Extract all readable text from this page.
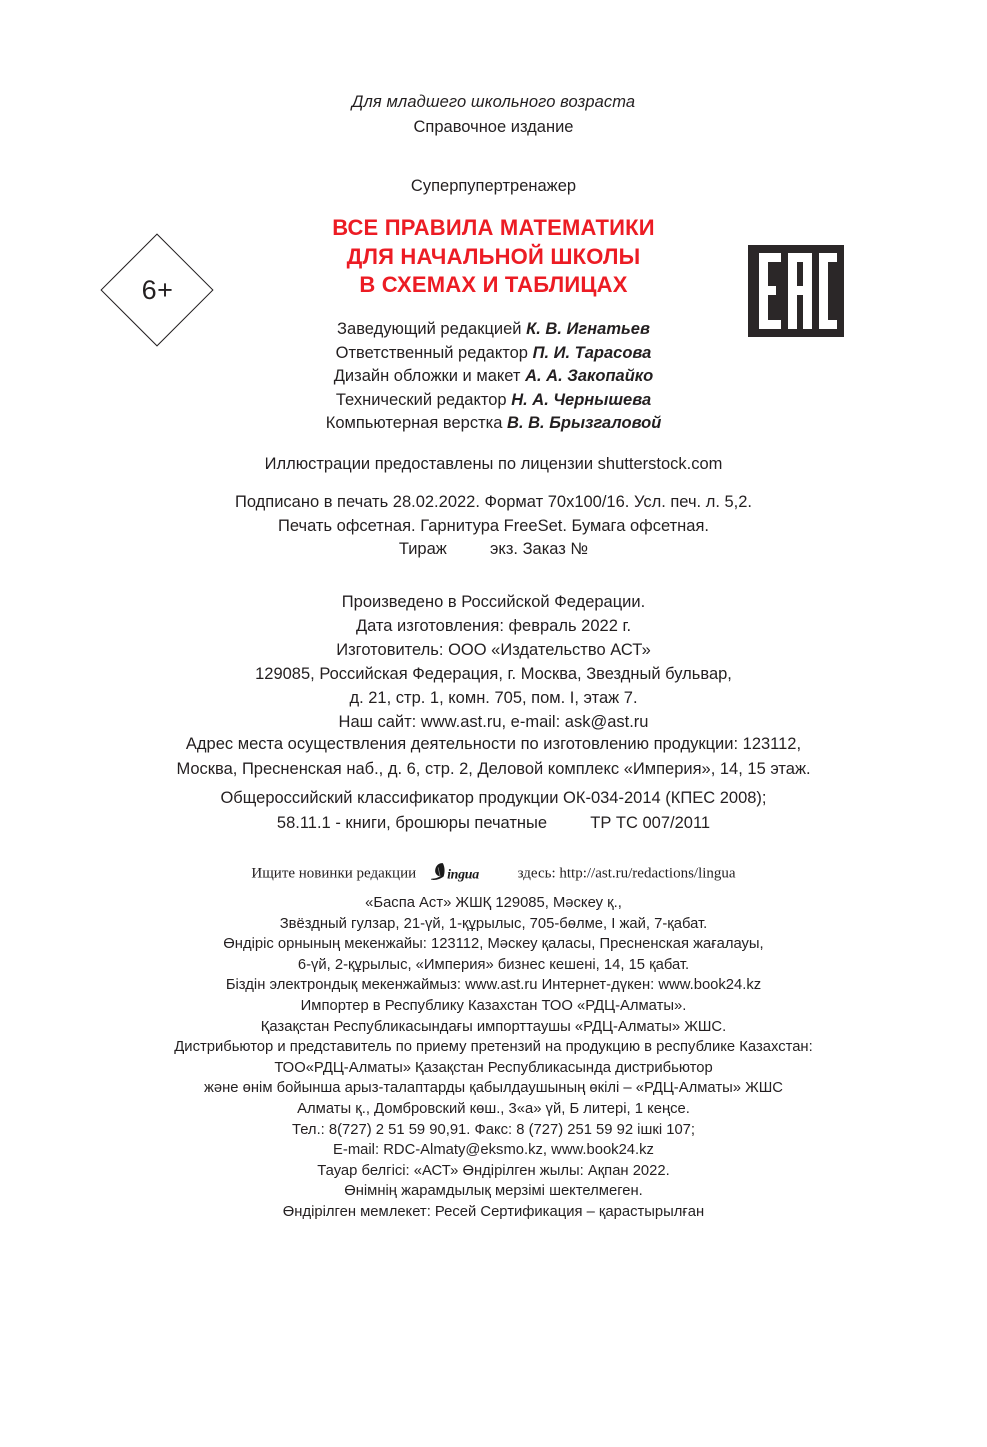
Для младшего школьного возраста
Справочное издание
Суперпупертренажер
6+
ВСЕ ПРАВИЛА МАТЕМАТИКИ
ДЛЯ НАЧАЛЬНОЙ ШКОЛЫ
В СХЕМАХ И ТАБЛИЦАХ
Заведующий редакцией К. В. Игнатьев
Ответственный редактор П. И. Тарасова
Дизайн обложки и макет А. А. Закопайко
Технический редактор Н. А. Чернышева
Компьютерная верстка В. В. Брызгаловой
Иллюстрации предоставлены по лицензии shutterstock.com
Подписано в печать 28.02.2022. Формат 70х100/16. Усл. печ. л. 5,2.
Печать офсетная. Гарнитура FreeSet. Бумага офсетная.
Тираж	экз. Заказ №
Произведено в Российской Федерации.
Дата изготовления: февраль 2022 г.
Изготовитель: ООО «Издательство АСТ»
129085, Российская Федерация, г. Москва, Звездный бульвар,
д. 21, стр. 1, комн. 705, пом. I, этаж 7.
Наш сайт: www.ast.ru, e-mail: ask@ast.ru
Адрес места осуществления деятельности по изготовлению продукции: 123112,
Москва, Пресненская наб., д. 6, стр. 2, Деловой комплекс «Империя», 14, 15 этаж.
Общероссийский классификатор продукции ОК-034-2014 (КПЕС 2008);
58.11.1 - книги, брошюры печатные	ТР ТС 007/2011
Ищите новинки редакции ingua	здесь: http://ast.ru/redactions/lingua
«Баспа Аст» ЖШҚ 129085, Мәскеу қ.,
Звёздный гулзар, 21-үй, 1-құрылыс, 705-бөлме, I жай, 7-қабат.
Өндіріс орнының мекенжайы: 123112, Мәскеу қаласы, Пресненская жағалауы,
6-үй, 2-құрылыс, «Империя» бизнес кешені, 14, 15 қабат.
Біздін электрондық мекенжаймыз: www.ast.ru Интернет-дүкен: www.book24.kz
Импортер в Республику Казахстан ТОО «РДЦ-Алматы».
Қазақстан Республикасындағы импорттаушы «РДЦ-Алматы» ЖШС.
Дистрибьютор и представитель по приему претензий на продукцию в республике Казахстан:
ТОО«РДЦ-Алматы» Қазақстан Республикасында дистрибьютор
және өнім бойынша арыз-талаптарды қабылдаушының өкілі – «РДЦ-Алматы» ЖШС
Алматы қ., Домбровский көш., 3«а» үй, Б литері, 1 кеңсе.
Тел.: 8(727) 2 51 59 90,91. Факс: 8 (727) 251 59 92 ішкі 107;
E-mail: RDC-Almaty@eksmo.kz, www.book24.kz
Тауар белгісі: «АСТ» Өндірілген жылы: Ақпан 2022.
Өнімнің жарамдылық мерзімі шектелмеген.
Өндірілген мемлекет: Ресей Сертификация – қарастырылған
